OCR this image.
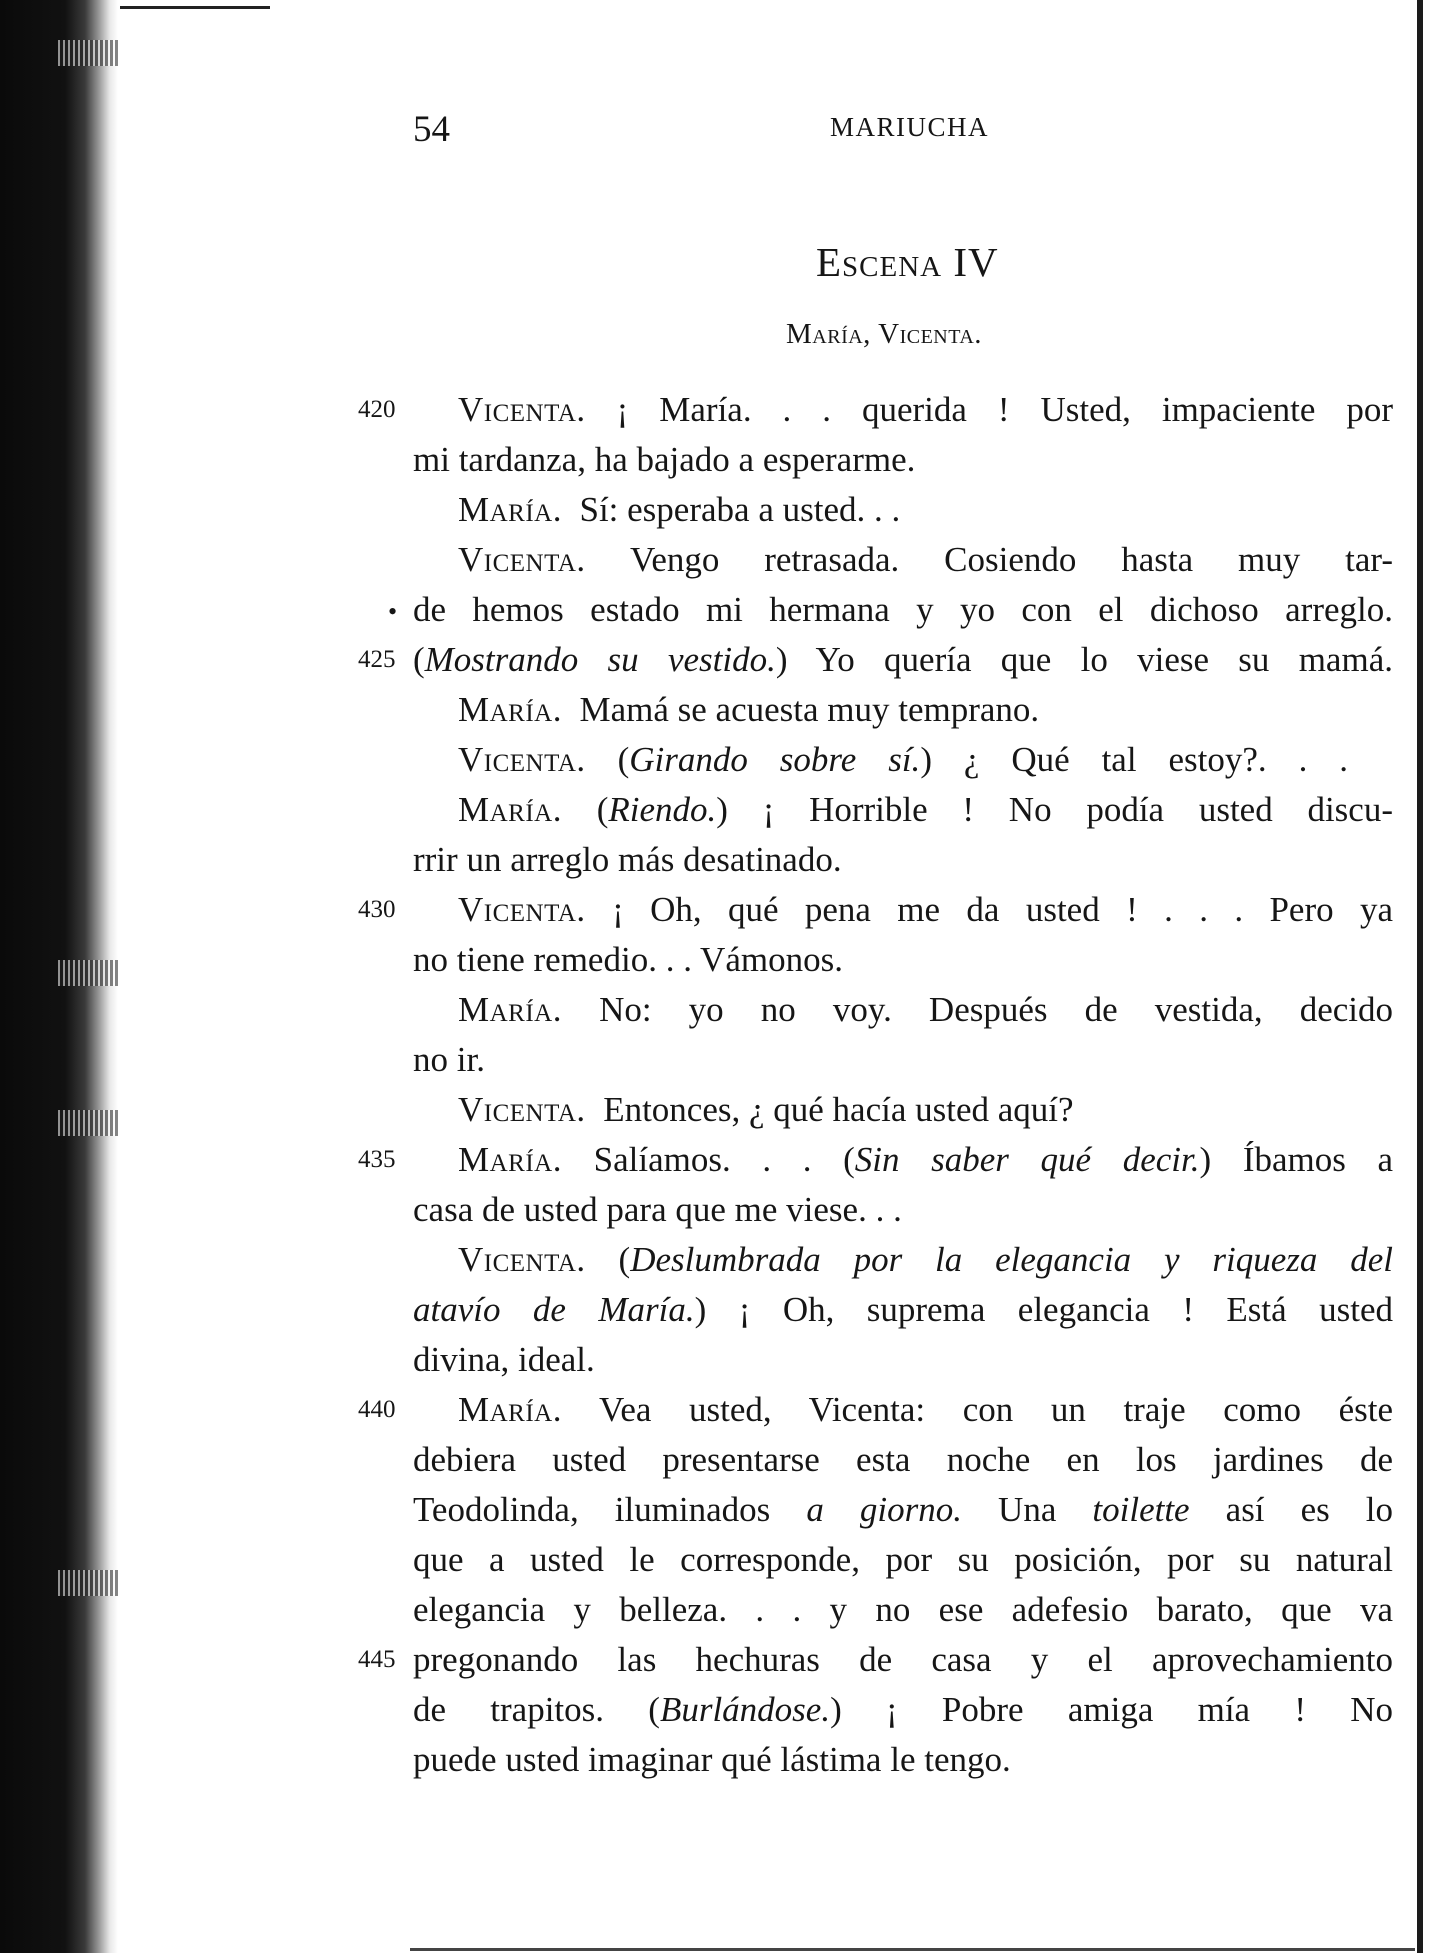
54	MARIUCHA
Escena IV
María, Vicenta.
•
420
425
430
435
440
445
Vicenta. ¡ María. . . querida ! Usted, impaciente por
mi tardanza, ha bajado a esperarme.
María. Sí: esperaba a usted. . .
Vicenta. Vengo retrasada. Cosiendo hasta muy tar-
de hemos estado mi hermana y yo con el dichoso arreglo.
(Mostrando su vestido.) Yo quería que lo viese su mamá.
María. Mamá se acuesta muy temprano.
Vicenta. (Girando sobre sí.) ¿ Qué tal estoy?. . .
María. (Riendo.) ¡ Horrible ! No podía usted discu-
rrir un arreglo más desatinado.
Vicenta. ¡ Oh, qué pena me da usted ! . . . Pero ya
no tiene remedio. . . Vámonos.
María. No: yo no voy. Después de vestida, decido
no ir.
Vicenta. Entonces, ¿ qué hacía usted aquí?
María. Salíamos. . . (Sin saber qué decir.) Íbamos a
casa de usted para que me viese. . .
Vicenta. (Deslumbrada por la elegancia y riqueza del
atavío de María.) ¡ Oh, suprema elegancia ! Está usted
divina, ideal.
María. Vea usted, Vicenta: con un traje como éste
debiera usted presentarse esta noche en los jardines de
Teodolinda, iluminados a giorno. Una toilette así es lo
que a usted le corresponde, por su posición, por su natural
elegancia y belleza. . . y no ese adefesio barato, que va
pregonando las hechuras de casa y el aprovechamiento
de trapitos. (Burlándose.) ¡ Pobre amiga mía ! No
puede usted imaginar qué lástima le tengo.
